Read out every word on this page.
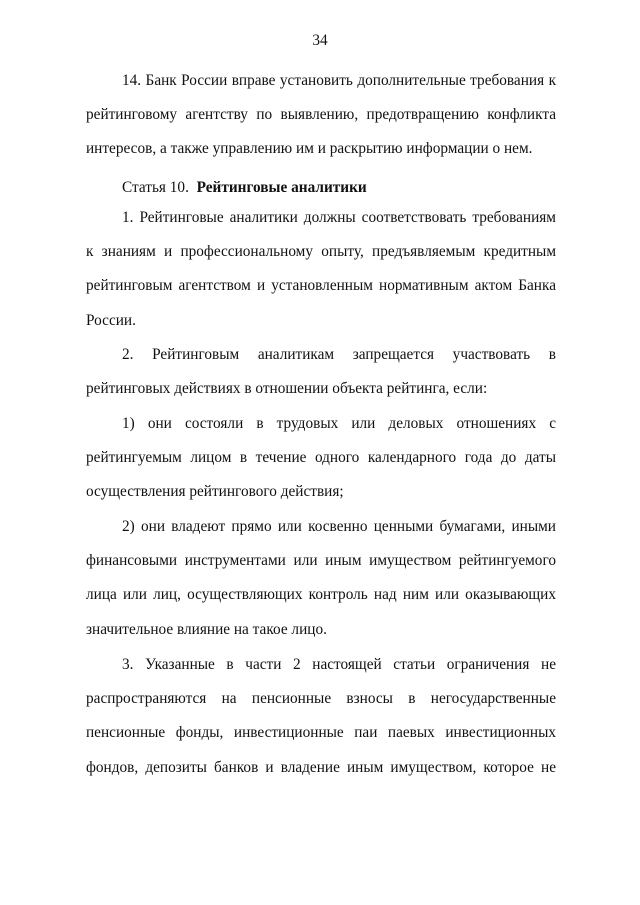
34

14. Банк России вправе установить дополнительные требования к рейтинговому агентству по выявлению, предотвращению конфликта интересов, а также управлению им и раскрытию информации о нем.

Статья 10. Рейтинговые аналитики

1. Рейтинговые аналитики должны соответствовать требованиям к знаниям и профессиональному опыту, предъявляемым кредитным рейтинговым агентством и установленным нормативным актом Банка России.

2. Рейтинговым аналитикам запрещается участвовать в рейтинговых действиях в отношении объекта рейтинга, если:

1) они состояли в трудовых или деловых отношениях с рейтингуемым лицом в течение одного календарного года до даты осуществления рейтингового действия;

2) они владеют прямо или косвенно ценными бумагами, иными финансовыми инструментами или иным имуществом рейтингуемого лица или лиц, осуществляющих контроль над ним или оказывающих значительное влияние на такое лицо.

3. Указанные в части 2 настоящей статьи ограничения не распространяются на пенсионные взносы в негосударственные пенсионные фонды, инвестиционные паи паевых инвестиционных фондов, депозиты банков и владение иным имуществом, которое не
